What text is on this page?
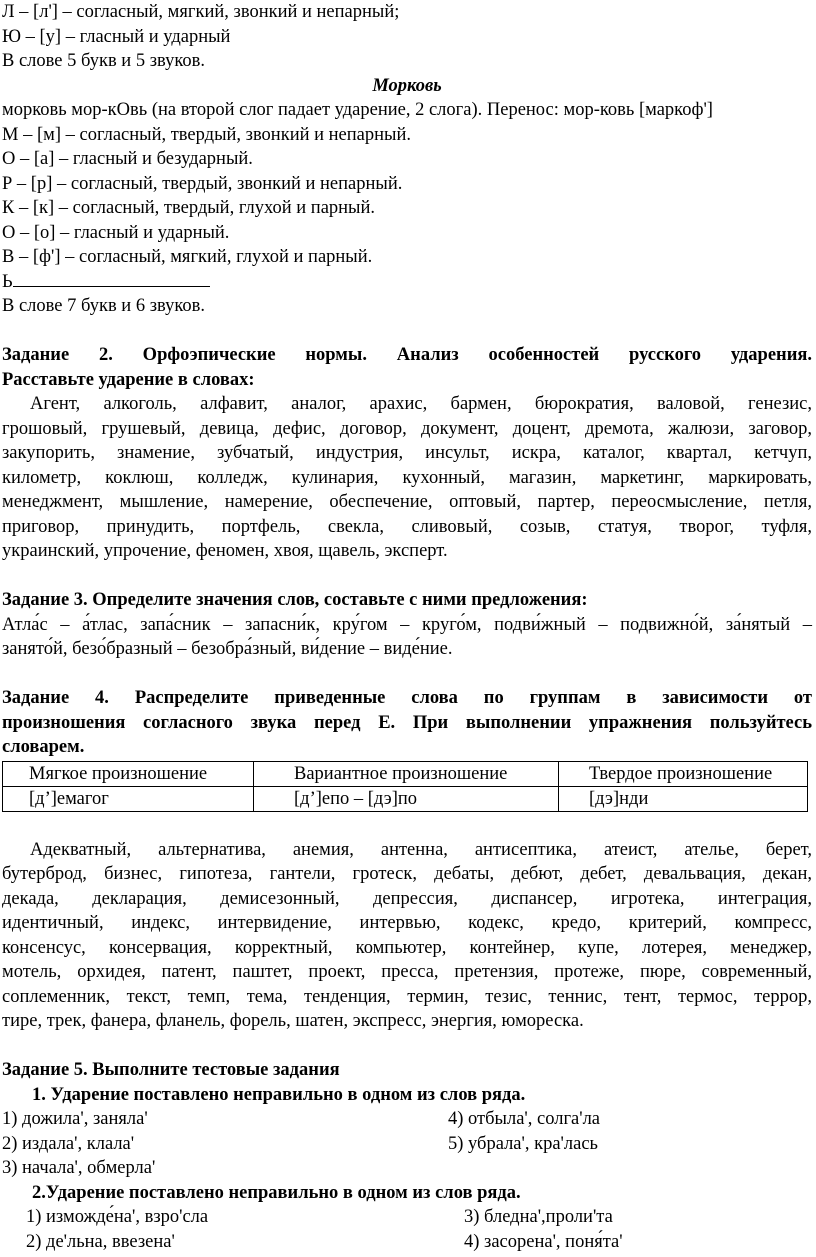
Л – [л'] – согласный, мягкий, звонкий и непарный;
Ю – [у] – гласный и ударный
В слове 5 букв и 5 звуков.
Морковь
морковь мор-кОвь (на второй слог падает ударение, 2 слога). Перенос: мор-ковь [маркоф']
М – [м] – согласный, твердый, звонкий и непарный.
О – [а] – гласный и безударный.
Р – [р] – согласный, твердый, звонкий и непарный.
К – [к] – согласный, твердый, глухой и парный.
О – [о] – гласный и ударный.
В – [ф'] – согласный, мягкий, глухой и парный.
Ь
В слове 7 букв и 6 звуков.
Задание 2. Орфоэпические нормы. Анализ особенностей русского ударения.
Расставьте ударение в словах:
Агент, алкоголь, алфавит, аналог, арахис, бармен, бюрократия, валовой, генезис,
грошовый, грушевый, девица, дефис, договор, документ, доцент, дремота, жалюзи, заговор,
закупорить, знамение, зубчатый, индустрия, инсульт, искра, каталог, квартал, кетчуп,
километр, коклюш, колледж, кулинария, кухонный, магазин, маркетинг, маркировать,
менеджмент, мышление, намерение, обеспечение, оптовый, партер, переосмысление, петля,
приговор, принудить, портфель, свекла, сливовый, созыв, статуя, творог, туфля,
украинский, упрочение, феномен, хвоя, щавель, эксперт.
Задание 3. Определите значения слов, составьте с ними предложения:
Атла́с – а́тлас, запа́сник – запасни́к, кру́гом – круго́м, подви́жный – подвижно́й, за́нятый –
занято́й, безо́бразный – безобра́зный, ви́дение – виде́ние.
Задание 4. Распределите приведенные слова по группам в зависимости от
произношения согласного звука перед Е. При выполнении упражнения пользуйтесь
словарем.
Мягкое произношение	Вариантное произношение	Твердое произношение
[д’]емагог	[д’]епо – [дэ]по	[дэ]нди
Адекватный, альтернатива, анемия, антенна, антисептика, атеист, ателье, берет,
бутерброд, бизнес, гипотеза, гантели, гротеск, дебаты, дебют, дебет, девальвация, декан,
декада, декларация, демисезонный, депрессия, диспансер, игротека, интеграция,
идентичный, индекс, интервидение, интервью, кодекс, кредо, критерий, компресс,
консенсус, консервация, корректный, компьютер, контейнер, купе, лотерея, менеджер,
мотель, орхидея, патент, паштет, проект, пресса, претензия, протеже, пюре, современный,
соплеменник, текст, темп, тема, тенденция, термин, тезис, теннис, тент, термос, террор,
тире, трек, фанера, фланель, форель, шатен, экспресс, энергия, юмореска.
Задание 5. Выполните тестовые задания
1. Ударение поставлено неправильно в одном из слов ряда.
1) дожила', заняла'	4) отбыла', солга'ла
2) издала', клала'	5) убрала', кра'лась
3) начала', обмерла'
2.Ударение поставлено неправильно в одном из слов ряда.
1) изможде́на', взро'сла	3) бледна',проли'та
2) де'льна, ввезена'	4) засорена', поня́та'
